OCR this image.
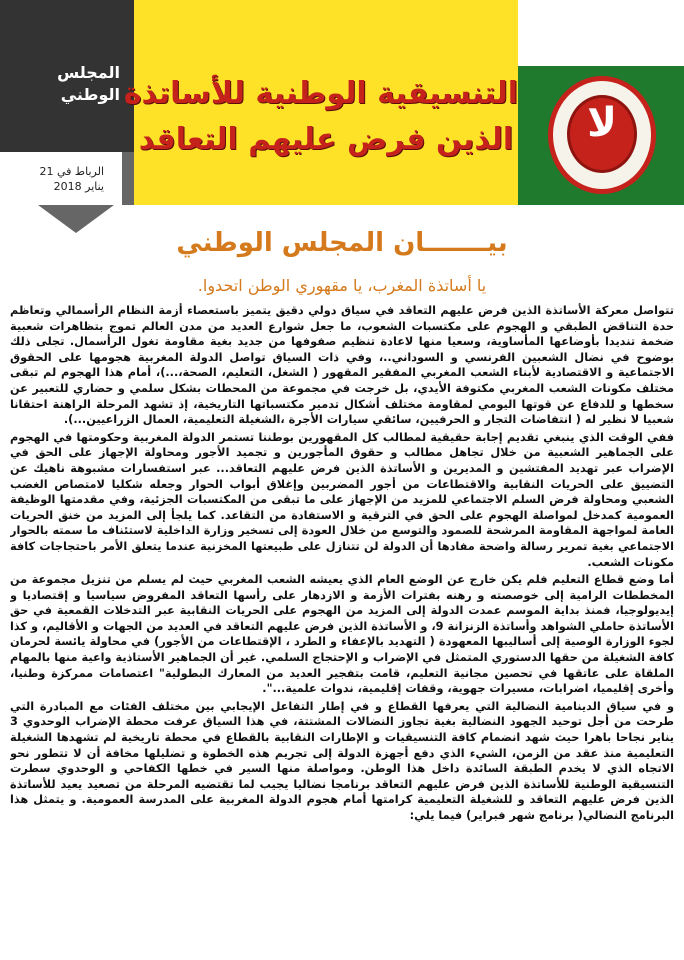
المجلس
الوطني
الرباط في 21
يناير 2018
التنسيقية الوطنية للأساتذة
الذين فرض عليهم التعاقد	لا
بيـــــــان المجلس الوطني
يا أساتذة المغرب، يا مقهوري الوطن اتحدوا.

تتواصل معركة الأساتذة الذين فرض عليهم التعاقد في سياق دولي دقيق يتميز باستعصاء أزمة النظام الرأسمالي وتعاظم حدة التناقض الطبقي و الهجوم على مكتسبات الشعوب، ما جعل شوارع العديد من مدن العالم تموج بتظاهرات شعبية ضخمة تنديدا بأوضاعها المأساوية، وسعيا منها لاعادة تنظيم صفوفها من جديد بغية مقاومة تغول الرأسمال. تجلى ذلك بوضوح في نضال الشعبين الفرنسي و السوداني..، وفي ذات السياق تواصل الدولة المغربية هجومها على الحقوق الاجتماعية و الاقتصادية لأبناء الشعب المغربي المفقير المقهور ( الشغل، التعليم، الصحة،...)، أمام هذا الهجوم لم تبقى مختلف مكونات الشعب المغربي مكتوفة الأيدي، بل خرجت في مجموعة من المحطات بشكل سلمي و حضاري للتعبير عن سخطها و للدفاع عن قوتها اليومي لمقاومة مختلف أشكال تدمير مكتسباتها التاريخية، إذ تشهد المرحلة الراهنة احتقانا شعبيا لا نظير له ( انتفاضات التجار و الحرفيين، سائقي سيارات الأجرة ،الشغيلة التعليمية، العمال الزراعيين...).

ففي الوقت الذي ينبغي تقديم إجابة حقيقية لمطالب كل المقهورين بوطننا تستمر الدولة المغربية وحكومتها في الهجوم على الجماهير الشعبية من خلال تجاهل مطالب و حقوق المأجورين و تجميد الأجور ومحاولة الإجهاز على الحق في الإضراب عبر تهديد المفتشين و المديرين و الأساتذة الذين فرض عليهم التعاقد... عبر استفسارات مشبوهة ناهيك عن التضييق على الحريات النقابية والاقتطاعات من أجور المضربين وإغلاق أبواب الحوار وجعله شكليا لامتصاص الغضب الشعبي ومحاولة فرض السلم الاجتماعي للمزيد من الإجهاز على ما تبقى من المكتسبات الجزئية، وفي مقدمتها الوظيفة العمومية كمدخل لمواصلة الهجوم على الحق في الترقية و الاستفادة من التقاعد. كما يلجأ إلى المزيد من خنق الحريات العامة لمواجهة المقاومة المرشحة للصمود والتوسع من خلال العودة إلى تسخير وزارة الداخلية لاستئناف ما سمته بالحوار الاجتماعي بغية تمرير رسالة واضحة مفادها أن الدولة لن تتنازل على طبيعتها المخزنية عندما يتعلق الأمر باحتجاجات كافة مكونات الشعب.

أما وضع قطاع التعليم فلم يكن خارج عن الوضع العام الذي يعيشه الشعب المغربي حيث لم يسلم من تنزيل مجموعة من المخططات الرامية إلى خوصصته و رهنه بفترات الأزمة و الازدهار على رأسها التعاقد المفروض سياسيا و إقتصاديا و إيديولوجيا، فمنذ بداية الموسم عمدت الدولة إلى المزيد من الهجوم على الحريات النقابية عبر التدخلات القمعية في حق الأساتذة حاملي الشواهد وأساتذة الزنزانة 9، و الأساتذة الذين فرض عليهم التعاقد في العديد من الجهات و الأقاليم، و كذا لجوء الوزارة الوصية إلى أساليبها المعهودة ( التهديد بالإعفاء و الطرد ، الإقتطاعات من الأجور) في محاولة يائسة لحرمان كافة الشغيلة من حقها الدستوري المتمثل في الإضراب و الإحتجاج السلمي. غير أن الجماهير الأستاذية واعية منها بالمهام الملقاة على عاتقها في تحصين مجانية التعليم، قامت بتفجير العديد من المعارك البطولية" اعتصامات ممركزة وطنيا، وأخرى إقليميا، اضرابات، مسيرات جهوية، وقفات إقليمية، ندوات علمية...".

و في سياق الدينامية النضالية التي يعرفها القطاع و في إطار التفاعل الإيجابي بين مختلف الفئات مع المبادرة التي طرحت من أجل توحيد الجهود النضالية بغية تجاوز النضالات المشتتة، في هذا السياق عرفت محطة الإضراب الوحدوي 3 يناير نجاحا باهرا حيث شهد انضمام كافة التنسيقيات و الإطارات النقابية بالقطاع في محطة تاريخية لم تشهدها الشغيلة التعليمية منذ عقد من الزمن، الشيء الذي دفع أجهزة الدولة إلى تجريم هذه الخطوة و تضليلها مخافة أن لا تتطور نحو الاتجاه الذي لا يخدم الطبقة السائدة داخل هذا الوطن. ومواصلة منها السير في خطها الكفاحي و الوحدوي سطرت التنسيقية الوطنية للأساتذة الذين فرض عليهم التعاقد برنامجا نضاليا يجيب لما تقتضيه المرحلة من تصعيد يعيد للأساتذة الذين فرض عليهم التعاقد و للشغيلة التعليمية كرامتها أمام هجوم الدولة المغربية على المدرسة العمومية. و يتمثل هذا البرنامج النضالي( برنامج شهر فبراير) فيما يلي:
